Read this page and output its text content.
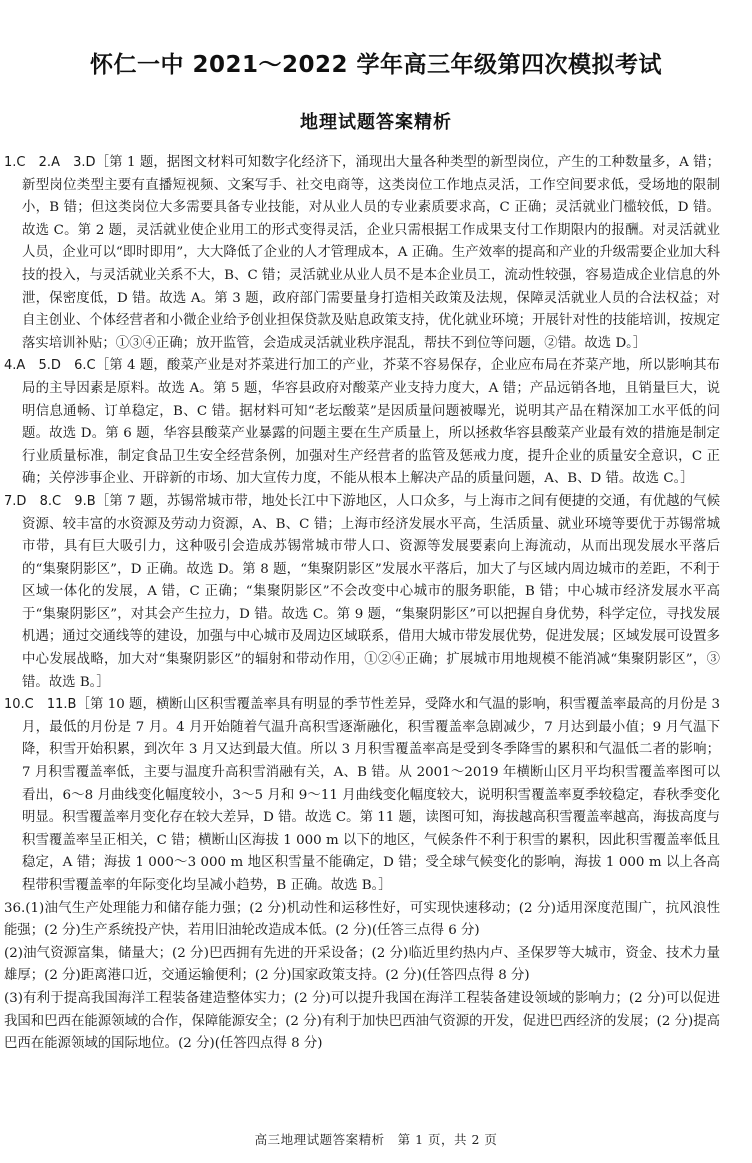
怀仁一中 2021～2022 学年高三年级第四次模拟考试
地理试题答案精析

1.C　2.A　3.D［第 1 题，据图文材料可知数字化经济下，涌现出大量各种类型的新型岗位，产生的工种数量多，A 错；新型岗位类型主要有直播短视频、文案写手、社交电商等，这类岗位工作地点灵活，工作空间要求低，受场地的限制小，B 错；但这类岗位大多需要具备专业技能，对从业人员的专业素质要求高，C 正确；灵活就业门槛较低，D 错。故选 C。第 2 题，灵活就业使企业用工的形式变得灵活，企业只需根据工作成果支付工作期限内的报酬。对灵活就业人员，企业可以“即时即用”，大大降低了企业的人才管理成本，A 正确。生产效率的提高和产业的升级需要企业加大科技的投入，与灵活就业关系不大，B、C 错；灵活就业从业人员不是本企业员工，流动性较强，容易造成企业信息的外泄，保密度低，D 错。故选 A。第 3 题，政府部门需要量身打造相关政策及法规，保障灵活就业人员的合法权益；对自主创业、个体经营者和小微企业给予创业担保贷款及贴息政策支持，优化就业环境；开展针对性的技能培训，按规定落实培训补贴；①③④正确；放开监管，会造成灵活就业秩序混乱，帮扶不到位等问题，②错。故选 D。］

4.A　5.D　6.C［第 4 题，酸菜产业是对芥菜进行加工的产业，芥菜不容易保存，企业应布局在芥菜产地，所以影响其布局的主导因素是原料。故选 A。第 5 题，华容县政府对酸菜产业支持力度大，A 错；产品远销各地，且销量巨大，说明信息通畅、订单稳定，B、C 错。据材料可知“老坛酸菜”是因质量问题被曝光，说明其产品在精深加工水平低的问题。故选 D。第 6 题，华容县酸菜产业暴露的问题主要在生产质量上，所以拯救华容县酸菜产业最有效的措施是制定行业质量标准，制定食品卫生安全经营条例，加强对生产经营者的监管及惩戒力度，提升企业的质量安全意识，C 正确；关停涉事企业、开辟新的市场、加大宣传力度，不能从根本上解决产品的质量问题，A、B、D 错。故选 C。］

7.D　8.C　9.B［第 7 题，苏锡常城市带，地处长江中下游地区，人口众多，与上海市之间有便捷的交通，有优越的气候资源、较丰富的水资源及劳动力资源，A、B、C 错；上海市经济发展水平高，生活质量、就业环境等要优于苏锡常城市带，具有巨大吸引力，这种吸引会造成苏锡常城市带人口、资源等发展要素向上海流动，从而出现发展水平落后的“集聚阴影区”，D 正确。故选 D。第 8 题，“集聚阴影区”发展水平落后，加大了与区域内周边城市的差距，不利于区域一体化的发展，A 错，C 正确；“集聚阴影区”不会改变中心城市的服务职能，B 错；中心城市经济发展水平高于“集聚阴影区”，对其会产生拉力，D 错。故选 C。第 9 题，“集聚阴影区”可以把握自身优势，科学定位，寻找发展机遇；通过交通线等的建设，加强与中心城市及周边区域联系，借用大城市带发展优势，促进发展；区域发展可设置多中心发展战略，加大对“集聚阴影区”的辐射和带动作用，①②④正确；扩展城市用地规模不能消减“集聚阴影区”，③错。故选 B。］

10.C　11.B［第 10 题，横断山区积雪覆盖率具有明显的季节性差异，受降水和气温的影响，积雪覆盖率最高的月份是 3 月，最低的月份是 7 月。4 月开始随着气温升高积雪逐渐融化，积雪覆盖率急剧减少，7 月达到最小值；9 月气温下降，积雪开始积累，到次年 3 月又达到最大值。所以 3 月积雪覆盖率高是受到冬季降雪的累积和气温低二者的影响；7 月积雪覆盖率低，主要与温度升高积雪消融有关，A、B 错。从 2001～2019 年横断山区月平均积雪覆盖率图可以看出，6～8 月曲线变化幅度较小，3～5 月和 9～11 月曲线变化幅度较大，说明积雪覆盖率夏季较稳定，春秋季变化明显。积雪覆盖率月变化存在较大差异，D 错。故选 C。第 11 题，读图可知，海拔越高积雪覆盖率越高，海拔高度与积雪覆盖率呈正相关，C 错；横断山区海拔 1 000 m 以下的地区，气候条件不利于积雪的累积，因此积雪覆盖率低且稳定，A 错；海拔 1 000～3 000 m 地区积雪量不能确定，D 错；受全球气候变化的影响，海拔 1 000 m 以上各高程带积雪覆盖率的年际变化均呈减小趋势，B 正确。故选 B。］

36.(1)油气生产处理能力和储存能力强；(2 分)机动性和运移性好，可实现快速移动；(2 分)适用深度范围广，抗风浪性能强；(2 分)生产系统投产快，若用旧油轮改造成本低。(2 分)(任答三点得 6 分)

(2)油气资源富集，储量大；(2 分)巴西拥有先进的开采设备；(2 分)临近里约热内卢、圣保罗等大城市，资金、技术力量雄厚；(2 分)距离港口近，交通运输便利；(2 分)国家政策支持。(2 分)(任答四点得 8 分)

(3)有利于提高我国海洋工程装备建造整体实力；(2 分)可以提升我国在海洋工程装备建设领域的影响力；(2 分)可以促进我国和巴西在能源领域的合作，保障能源安全；(2 分)有利于加快巴西油气资源的开发，促进巴西经济的发展；(2 分)提高巴西在能源领域的国际地位。(2 分)(任答四点得 8 分)

高三地理试题答案精析　第 1 页，共 2 页
